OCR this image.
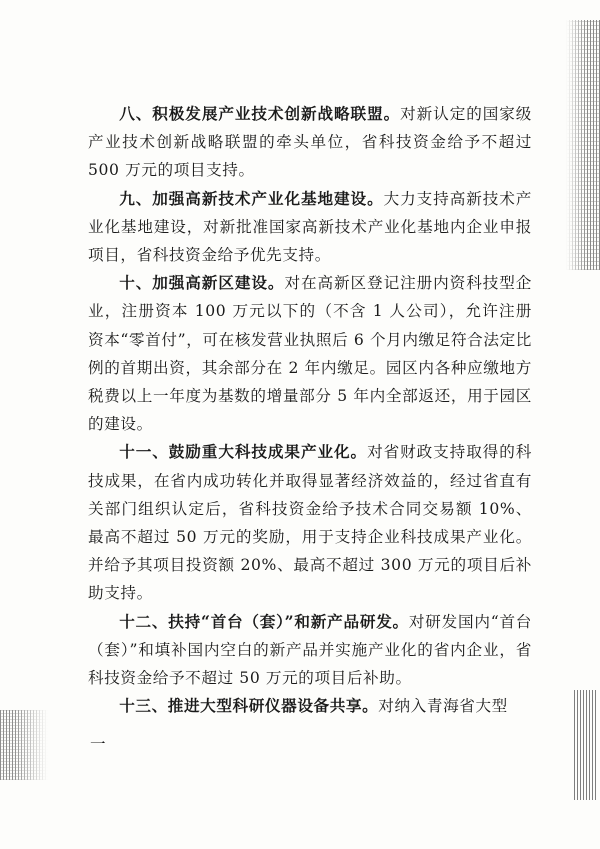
八、积极发展产业技术创新战略联盟。对新认定的国家级产业技术创新战略联盟的牵头单位，省科技资金给予不超过 500 万元的项目支持。

九、加强高新技术产业化基地建设。大力支持高新技术产业化基地建设，对新批准国家高新技术产业化基地内企业申报项目，省科技资金给予优先支持。

十、加强高新区建设。对在高新区登记注册内资科技型企业，注册资本 100 万元以下的（不含 1 人公司），允许注册资本“零首付”，可在核发营业执照后 6 个月内缴足符合法定比例的首期出资，其余部分在 2 年内缴足。园区内各种应缴地方税费以上一年度为基数的增量部分 5 年内全部返还，用于园区的建设。

十一、鼓励重大科技成果产业化。对省财政支持取得的科技成果，在省内成功转化并取得显著经济效益的，经过省直有关部门组织认定后，省科技资金给予技术合同交易额 10%、最高不超过 50 万元的奖励，用于支持企业科技成果产业化。并给予其项目投资额 20%、最高不超过 300 万元的项目后补助支持。

十二、扶持“首台（套）”和新产品研发。对研发国内“首台（套）”和填补国内空白的新产品并实施产业化的省内企业，省科技资金给予不超过 50 万元的项目后补助。

十三、推进大型科研仪器设备共享。对纳入青海省大型

一
